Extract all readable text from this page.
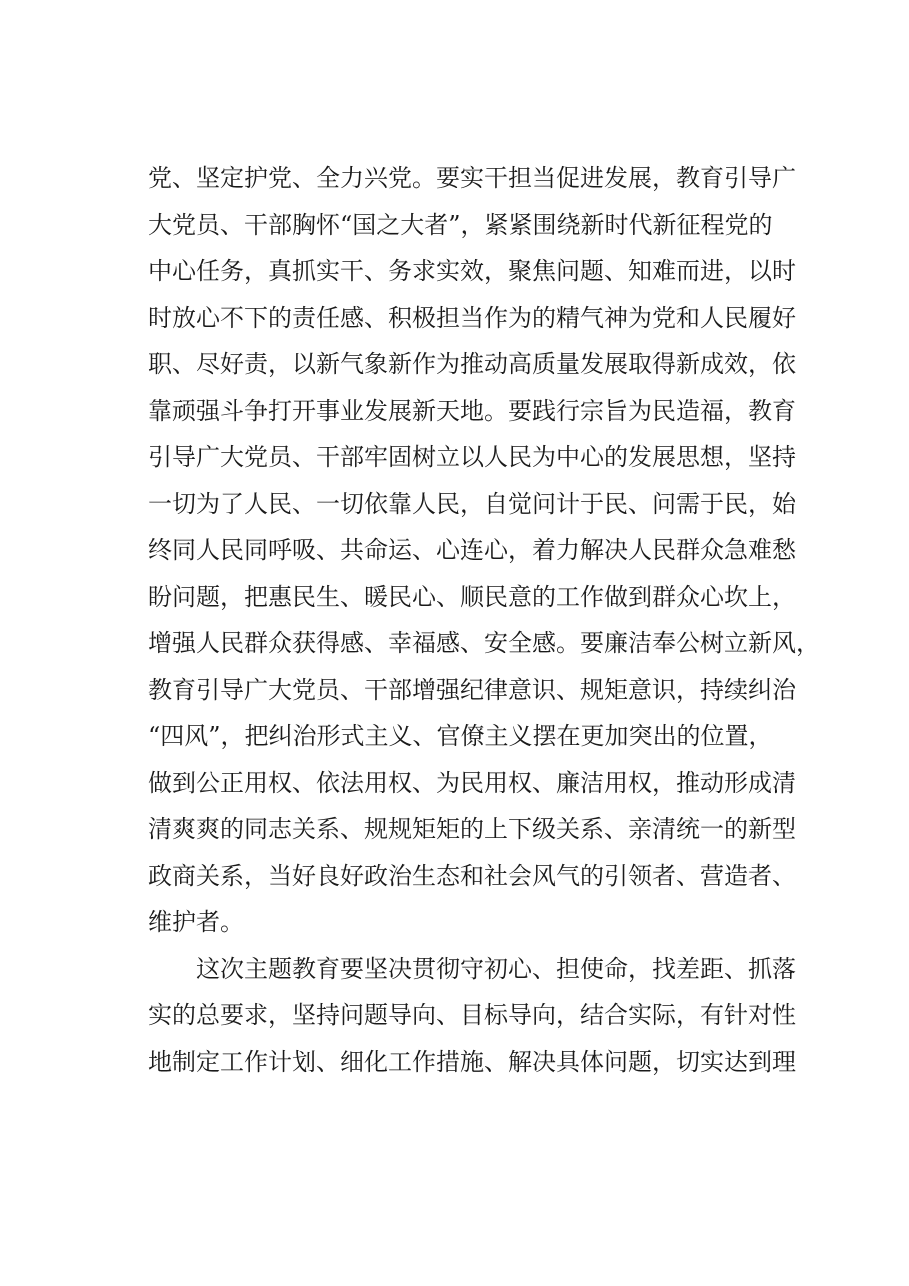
党、坚定护党、全力兴党。要实干担当促进发展，教育引导广
大党员、干部胸怀“国之大者”，紧紧围绕新时代新征程党的
中心任务，真抓实干、务求实效，聚焦问题、知难而进，以时
时放心不下的责任感、积极担当作为的精气神为党和人民履好
职、尽好责，以新气象新作为推动高质量发展取得新成效，依
靠顽强斗争打开事业发展新天地。要践行宗旨为民造福，教育
引导广大党员、干部牢固树立以人民为中心的发展思想，坚持
一切为了人民、一切依靠人民，自觉问计于民、问需于民，始
终同人民同呼吸、共命运、心连心，着力解决人民群众急难愁
盼问题，把惠民生、暖民心、顺民意的工作做到群众心坎上，
增强人民群众获得感、幸福感、安全感。要廉洁奉公树立新风，
教育引导广大党员、干部增强纪律意识、规矩意识，持续纠治
“四风”，把纠治形式主义、官僚主义摆在更加突出的位置，
做到公正用权、依法用权、为民用权、廉洁用权，推动形成清
清爽爽的同志关系、规规矩矩的上下级关系、亲清统一的新型
政商关系，当好良好政治生态和社会风气的引领者、营造者、
维护者。
这次主题教育要坚决贯彻守初心、担使命，找差距、抓落
实的总要求，坚持问题导向、目标导向，结合实际，有针对性
地制定工作计划、细化工作措施、解决具体问题，切实达到理
